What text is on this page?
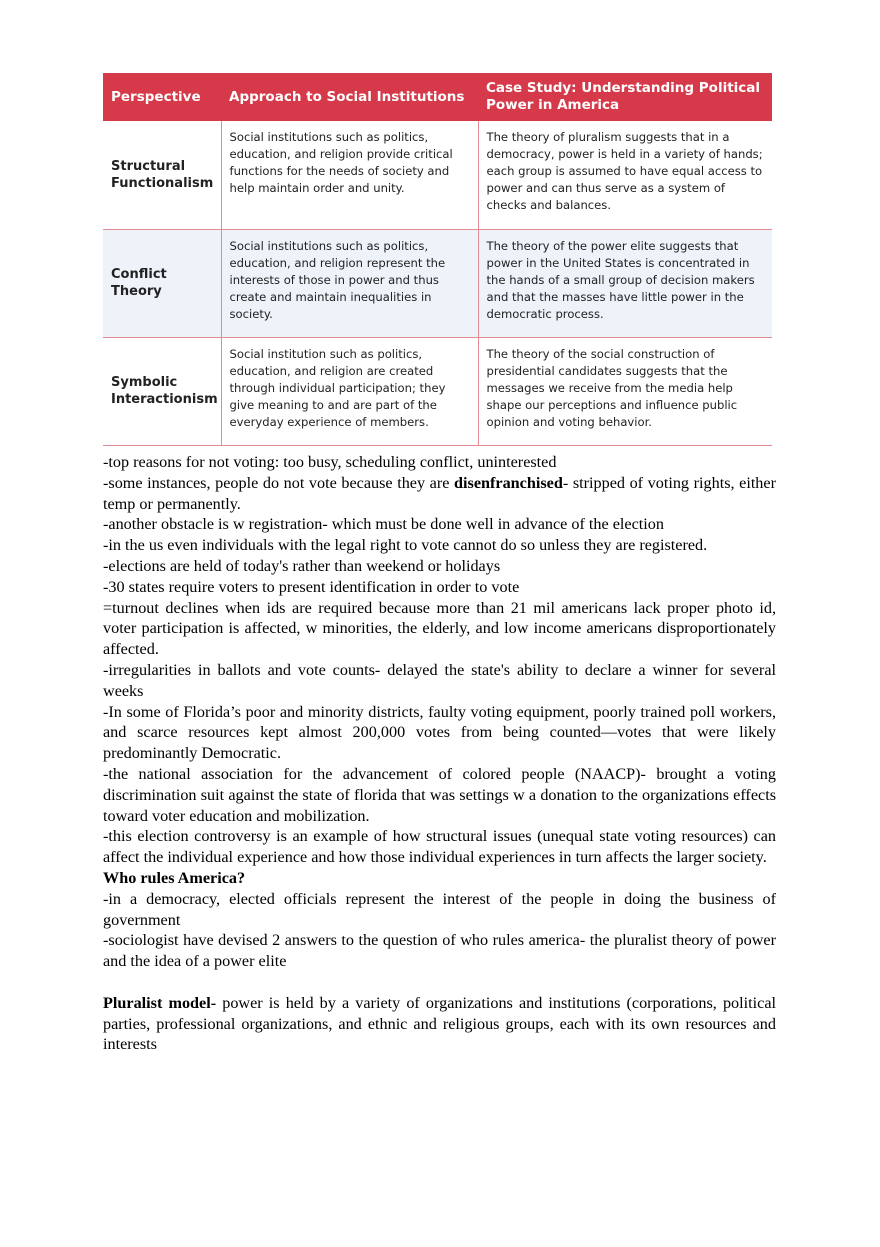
Perspective	Approach to Social Institutions	Case Study: Understanding Political Power in America
Structural Functionalism	Social institutions such as politics, education, and religion provide critical functions for the needs of society and help maintain order and unity.	The theory of pluralism suggests that in a democracy, power is held in a variety of hands; each group is assumed to have equal access to power and can thus serve as a system of checks and balances.
Conflict Theory	Social institutions such as politics, education, and religion represent the interests of those in power and thus create and maintain inequalities in society.	The theory of the power elite suggests that power in the United States is concentrated in the hands of a small group of decision makers and that the masses have little power in the democratic process.
Symbolic Interactionism	Social institution such as politics, education, and religion are created through individual participation; they give meaning to and are part of the everyday experience of members.	The theory of the social construction of presidential candidates suggests that the messages we receive from the media help shape our perceptions and influence public opinion and voting behavior.

-top reasons for not voting: too busy, scheduling conflict, uninterested

-some instances, people do not vote because they are disenfranchised- stripped of voting rights, either temp or permanently.

-another obstacle is w registration- which must be done well in advance of the election

-in the us even individuals with the legal right to vote cannot do so unless they are registered.

-elections are held of today's rather than weekend or holidays

-30 states require voters to present identification in order to vote

=turnout declines when ids are required because more than 21 mil americans lack proper photo id, voter participation is affected, w minorities, the elderly, and low income americans disproportionately affected.

-irregularities in ballots and vote counts- delayed the state's ability to declare a winner for several weeks

-In some of Florida’s poor and minority districts, faulty voting equipment, poorly trained poll workers, and scarce resources kept almost 200,000 votes from being counted—votes that were likely predominantly Democratic.

-the national association for the advancement of colored people (NAACP)- brought a voting discrimination suit against the state of florida that was settings w a donation to the organizations effects toward voter education and mobilization.

-this election controversy is an example of how structural issues (unequal state voting resources) can affect the individual experience and how those individual experiences in turn affects the larger society.

Who rules America?

-in a democracy, elected officials represent the interest of the people in doing the business of government

-sociologist have devised 2 answers to the question of who rules america- the pluralist theory of power and the idea of a power elite

Pluralist model- power is held by a variety of organizations and institutions (corporations, political parties, professional organizations, and ethnic and religious groups, each with its own resources and interests
